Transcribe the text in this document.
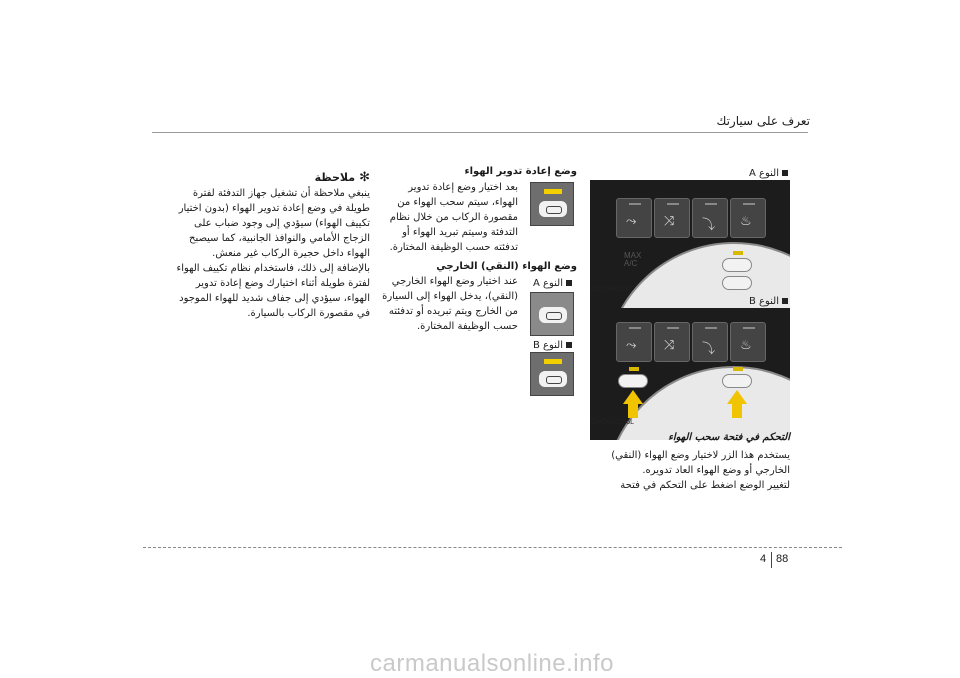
تعرف على سيارتك
النوع A
⤳ ⤨ ⤵ ♨
MAX
A/C
OMD040106
النوع B
⤳ ⤨ ⤵ ♨
OMD041106L
التحكم في فتحة سحب الهواء
يستخدم هذا الزر لاختيار وضع الهواء (النقي)
الخارجي أو وضع الهواء العاد تدويره.
لتغيير الوضع اضغط على التحكم في فتحة
وضع إعادة تدوير الهواء
بعد اختيار وضع إعادة تدوير
الهواء، سيتم سحب الهواء من
مقصورة الركاب من خلال نظام
التدفئة وسيتم تبريد الهواء أو
تدفئته حسب الوظيفة المختارة.
وضع الهواء (النقي) الخارجي
النوع A
النوع B
عند اختيار وضع الهواء الخارجي
(النقي)، يدخل الهواء إلى السيارة
من الخارج ويتم تبريده أو تدفئته
حسب الوظيفة المختارة.
✻ملاحظة
ينبغي ملاحظة أن تشغيل جهاز التدفئة لفترة
طويلة في وضع إعادة تدوير الهواء (بدون اختيار
تكييف الهواء) سيؤدي إلى وجود ضباب على
الزجاج الأمامي والنوافذ الجانبية، كما سيصبح
الهواء داخل حجيرة الركاب غير منعش.
بالإضافة إلى ذلك، فاستخدام نظام تكييف الهواء
لفترة طويلة أثناء اختيارك وضع إعادة تدوير
الهواء، سيؤدي إلى جفاف شديد للهواء الموجود
في مقصورة الركاب بالسيارة.
4 88
carmanualsonline.info
